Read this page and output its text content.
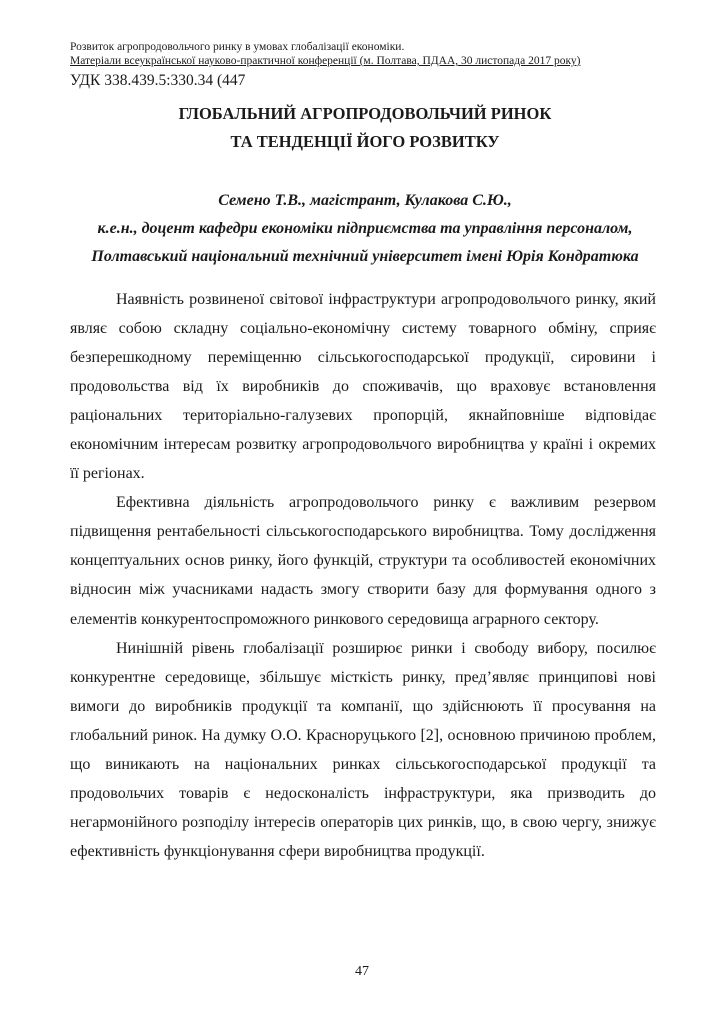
Розвиток агропродовольчого ринку в умовах глобалізації економіки.
Матеріали всеукраїнської науково-практичної конференції (м. Полтава, ПДАА, 30 листопада 2017 року)
УДК 338.439.5:330.34 (447
ГЛОБАЛЬНИЙ АГРОПРОДОВОЛЬЧИЙ РИНОК
ТА ТЕНДЕНЦІЇ ЙОГО РОЗВИТКУ
Семено Т.В., магістрант, Кулакова С.Ю.,
к.е.н., доцент кафедри економіки підприємства та управління персоналом,
Полтавський національний технічний університет імені Юрія Кондратюка

Наявність розвиненої світової інфраструктури агропродовольчого ринку, який являє собою складну соціально-економічну систему товарного обміну, сприяє безперешкодному переміщенню сільськогосподарської продукції, сировини і продовольства від їх виробників до споживачів, що враховує встановлення раціональних територіально-галузевих пропорцій, якнайповніше відповідає економічним інтересам розвитку агропродовольчого виробництва у країні і окремих її регіонах.

Ефективна діяльність агропродовольчого ринку є важливим резервом підвищення рентабельності сільськогосподарського виробництва. Тому дослідження концептуальних основ ринку, його функцій, структури та особливостей економічних відносин між учасниками надасть змогу створити базу для формування одного з елементів конкурентоспроможного ринкового середовища аграрного сектору.

Нинішній рівень глобалізації розширює ринки і свободу вибору, посилює конкурентне середовище, збільшує місткість ринку, пред’являє принципові нові вимоги до виробників продукції та компанії, що здійснюють її просування на глобальний ринок. На думку О.О. Красноруцького [2], основною причиною проблем, що виникають на національних ринках сільськогосподарської продукції та продовольчих товарів є недосконалість інфраструктури, яка призводить до негармонійного розподілу інтересів операторів цих ринків, що, в свою чергу, знижує ефективність функціонування сфери виробництва продукції.

47
